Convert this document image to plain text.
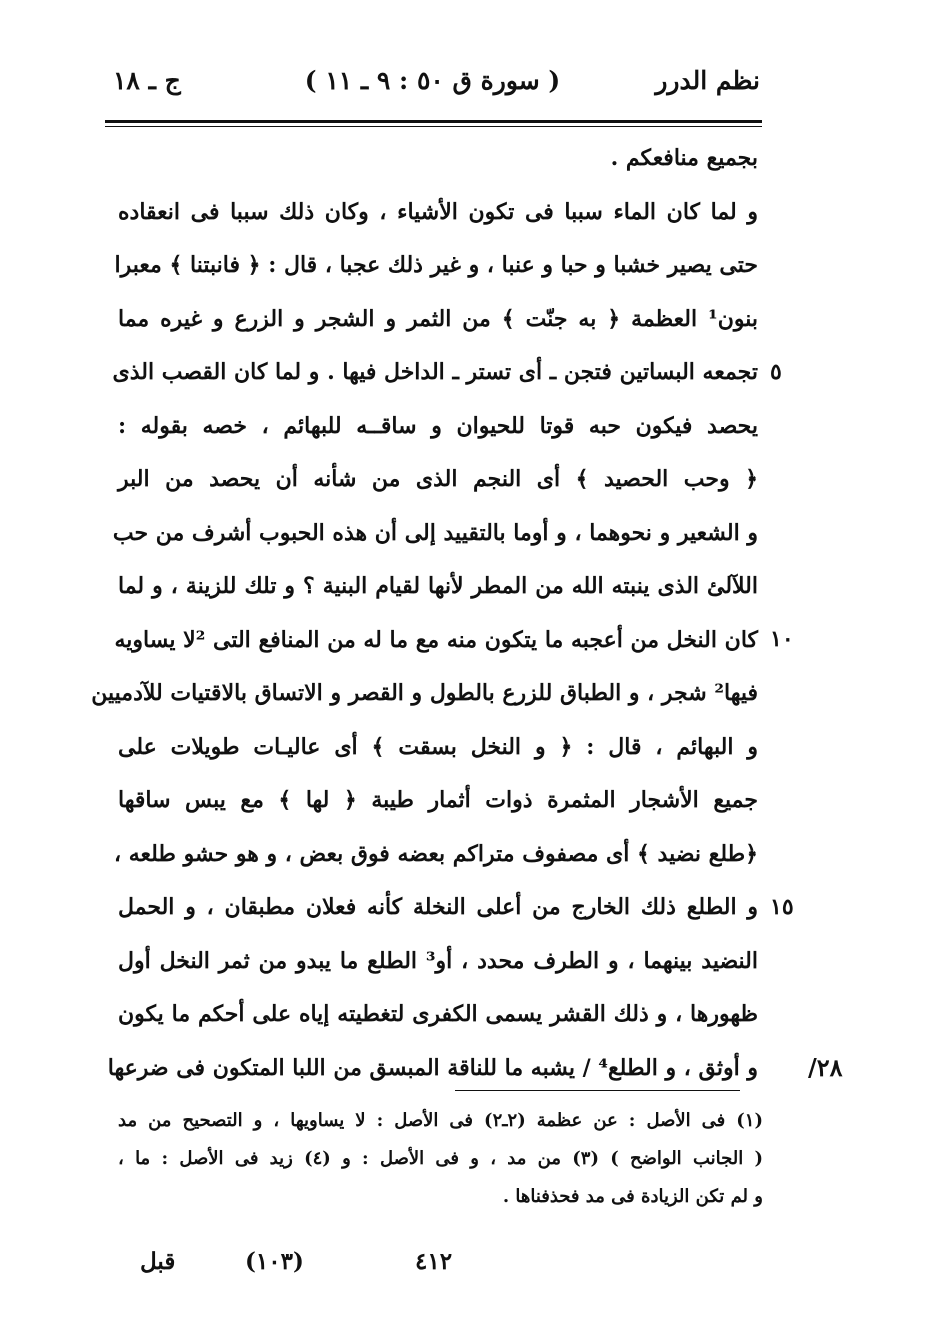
نظم الدرر
( سورة ق ٥٠ : ٩ ـ ١١ )
ج ـ ١٨
بجميع منافعكم .
و لما كان الماء سببا فى تكون الأشياء ، وكان ذلك سببا فى انعقاده
حتى يصير خشبا و حبا و عنبا ، و غير ذلك عجبا ، قال : ﴿ فانبتنا ﴾ معبرا
بنون¹ العظمة ﴿ به جنّت ﴾ من الثمر و الشجر و الزرع و غيره مما
تجمعه البساتين فتجن ـ أى تستر ـ الداخل فيها . و لما كان القصب الذى
يحصد فيكون حبه قوتا للحيوان و ساقــه للبهائم ، خصه بقوله :
﴿ وحب الحصيد ﴾ أى النجم الذى من شأنه أن يحصد من البر
و الشعير و نحوهما ، و أوما بالتقييد إلى أن هذه الحبوب أشرف من حب
اللآلئ الذى ينبته الله من المطر لأنها لقيام البنية ؟ و تلك للزينة ، و لما
كان النخل من أعجبه ما يتكون منه مع ما له من المنافع التى ²لا يساويه
فيها² شجر ، و الطباق للزرع بالطول و القصر و الاتساق بالاقتيات للآدميين
و البهائم ، قال : ﴿ و النخل بسقت ﴾ أى عاليـات طويلات على
جميع الأشجار المثمرة ذوات أثمار طيبة ﴿ لها ﴾ مع يبس ساقها
﴿طلع نضيد ﴾ أى مصفوف متراكم بعضه فوق بعض ، و هو حشو طلعه ،
و الطلع ذلك الخارج من أعلى النخلة كأنه فعلان مطبقان ، و الحمل
النضيد بينهما ، و الطرف محدد ، أو³ الطلع ما يبدو من ثمر النخل أول
ظهورها ، و ذلك القشر يسمى الكفرى لتغطيته إياه على أحكم ما يكون
و أوثق ، و الطلع⁴ / يشبه ما للناقة المبسق من اللبا المتكون فى ضرعها
٥
١٠
١٥
/٢٨
(١) فى الأصل : عن عظمة (٢ـ٢) فى الأصل : لا يساويها ، و التصحيح من مد
( الجانب الواضح ) (٣) من مد ، و فى الأصل : و (٤) زيد فى الأصل : ما ،
و لم تكن الزيادة فى مد فحذفناها .
٤١٢
(١٠٣)
قبل
